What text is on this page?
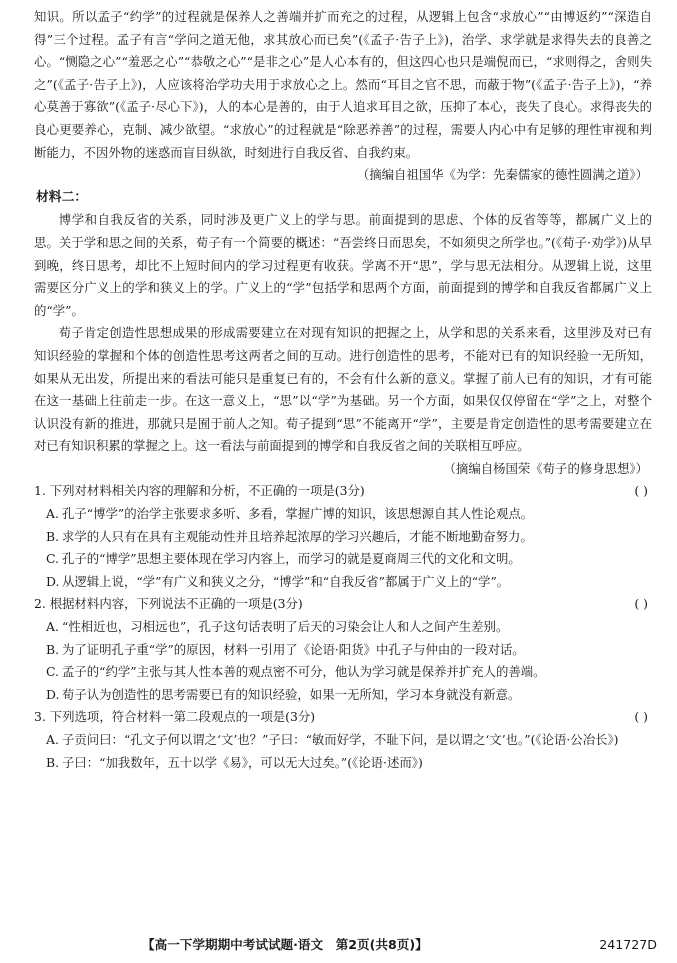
知识。所以孟子“约学”的过程就是保养人之善端并扩而充之的过程，从逻辑上包含“求放心”“由博返约”“深造自得”三个过程。孟子有言“学问之道无他，求其放心而已矣”(《孟子·告子上》)，治学、求学就是求得失去的良善之心。“恻隐之心”“羞恶之心”“恭敬之心”“是非之心”是人心本有的，但这四心也只是端倪而已，“求则得之，舍则失之”(《孟子·告子上》)，人应该将治学功夫用于求放心之上。然而“耳目之官不思，而蔽于物”(《孟子·告子上》)，“养心莫善于寡欲”(《孟子·尽心下》)，人的本心是善的，由于人追求耳目之欲，压抑了本心，丧失了良心。求得丧失的良心更要养心，克制、减少欲望。“求放心”的过程就是“除恶养善”的过程，需要人内心中有足够的理性审视和判断能力，不因外物的迷惑而盲目纵欲，时刻进行自我反省、自我约束。

（摘编自祖国华《为学：先秦儒家的德性圆满之道》）

材料二：

博学和自我反省的关系，同时涉及更广义上的学与思。前面提到的思虑、个体的反省等等，都属广义上的思。关于学和思之间的关系，荀子有一个简要的概述：“吾尝终日而思矣，不如须臾之所学也。”(《荀子·劝学》)从早到晚，终日思考，却比不上短时间内的学习过程更有收获。学离不开“思”，学与思无法相分。从逻辑上说，这里需要区分广义上的学和狭义上的学。广义上的“学”包括学和思两个方面，前面提到的博学和自我反省都属广义上的“学”。

荀子肯定创造性思想成果的形成需要建立在对现有知识的把握之上，从学和思的关系来看，这里涉及对已有知识经验的掌握和个体的创造性思考这两者之间的互动。进行创造性的思考，不能对已有的知识经验一无所知，如果从无出发，所提出来的看法可能只是重复已有的，不会有什么新的意义。掌握了前人已有的知识，才有可能在这一基础上往前走一步。在这一意义上，“思”以“学”为基础。另一个方面，如果仅仅停留在“学”之上，对整个认识没有新的推进，那就只是囿于前人之知。荀子提到“思”不能离开“学”，主要是肯定创造性的思考需要建立在对已有知识积累的掌握之上。这一看法与前面提到的博学和自我反省之间的关联相互呼应。

（摘编自杨国荣《荀子的修身思想》）

1. 下列对材料相关内容的理解和分析，不正确的一项是(3分)	( )

A. 孔子“博学”的治学主张要求多听、多看，掌握广博的知识，该思想源自其人性论观点。

B. 求学的人只有在具有主观能动性并且培养起浓厚的学习兴趣后，才能不断地勤奋努力。

C. 孔子的“博学”思想主要体现在学习内容上，而学习的就是夏商周三代的文化和文明。

D. 从逻辑上说，“学”有广义和狭义之分，“博学”和“自我反省”都属于广义上的“学”。

2. 根据材料内容，下列说法不正确的一项是(3分)	( )

A. “性相近也，习相远也”，孔子这句话表明了后天的习染会让人和人之间产生差别。

B. 为了证明孔子重“学”的原因，材料一引用了《论语·阳货》中孔子与仲由的一段对话。

C. 孟子的“约学”主张与其人性本善的观点密不可分，他认为学习就是保养并扩充人的善端。

D. 荀子认为创造性的思考需要已有的知识经验，如果一无所知，学习本身就没有新意。

3. 下列选项，符合材料一第二段观点的一项是(3分)	( )

A. 子贡问曰：“孔文子何以谓之‘文’也？”子曰：“敏而好学，不耻下问，是以谓之‘文’也。”(《论语·公冶长》)

B. 子曰：“加我数年，五十以学《易》，可以无大过矣。”(《论语·述而》)

【高一下学期期中考试试题·语文　第2页(共8页)】	241727D
